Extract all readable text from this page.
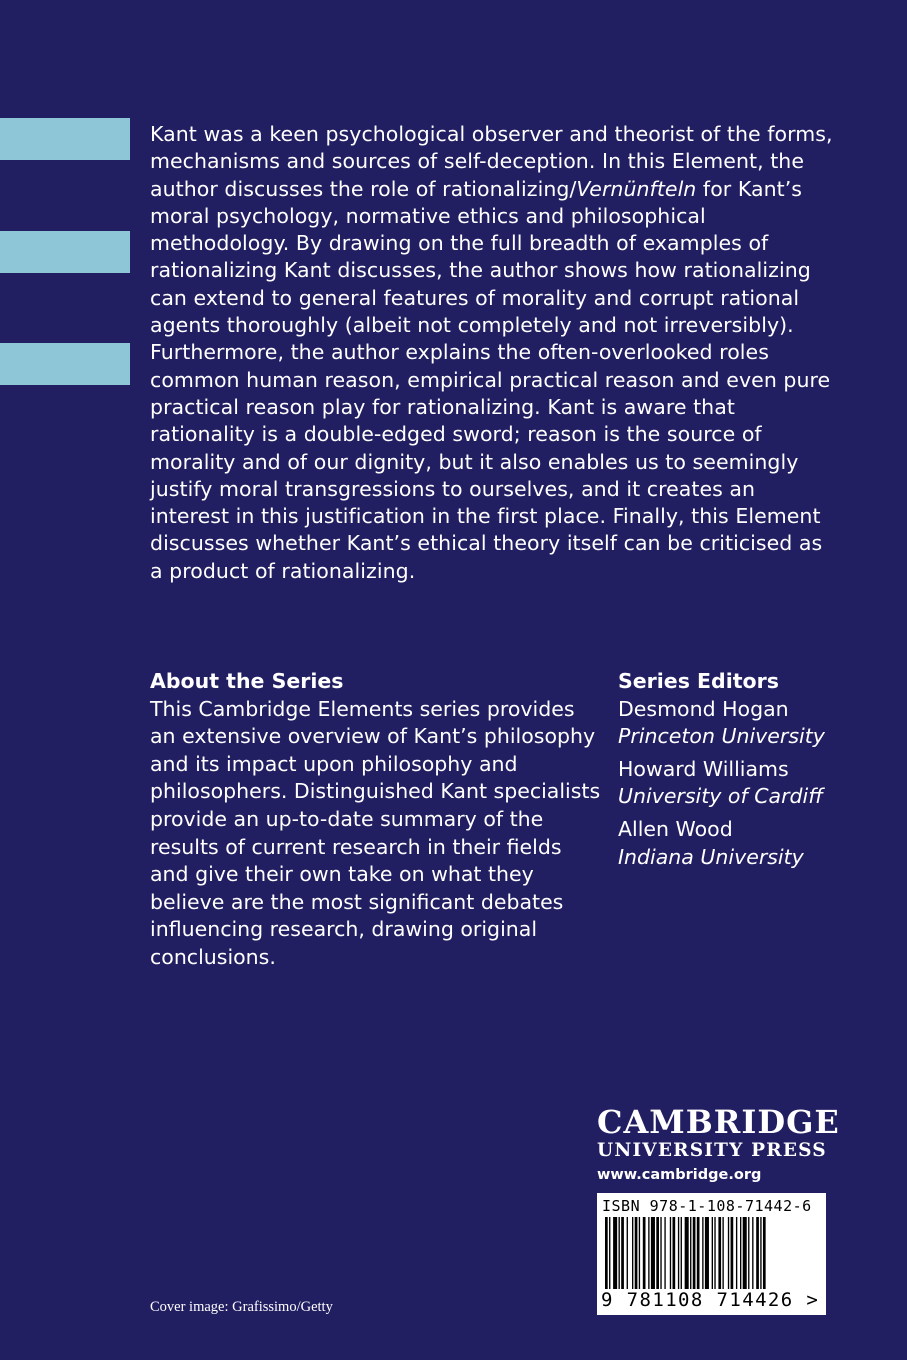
Kant was a keen psychological observer and theorist of the forms, mechanisms and sources of self-deception. In this Element, the author discusses the role of rationalizing/Vernünfteln for Kant’s moral psychology, normative ethics and philosophical methodology. By drawing on the full breadth of examples of rationalizing Kant discusses, the author shows how rationalizing can extend to general features of morality and corrupt rational agents thoroughly (albeit not completely and not irreversibly). Furthermore, the author explains the often-overlooked roles common human reason, empirical practical reason and even pure practical reason play for rationalizing. Kant is aware that rationality is a double-edged sword; reason is the source of morality and of our dignity, but it also enables us to seemingly justify moral transgressions to ourselves, and it creates an interest in this justification in the first place. Finally, this Element discusses whether Kant’s ethical theory itself can be criticised as a product of rationalizing.
About the Series

This Cambridge Elements series provides an extensive overview of Kant’s philosophy and its impact upon philosophy and philosophers. Distinguished Kant specialists provide an up-to-date summary of the results of current research in their fields and give their own take on what they believe are the most significant debates influencing research, drawing original conclusions.

Series Editors
Desmond Hogan
Princeton University
Howard Williams
University of Cardiff
Allen Wood
Indiana University
CAMBRIDGE
UNIVERSITY PRESS
www.cambridge.org
ISBN 978-1-108-71442-6
9 781108 714426 >
Cover image: Grafissimo/Getty
